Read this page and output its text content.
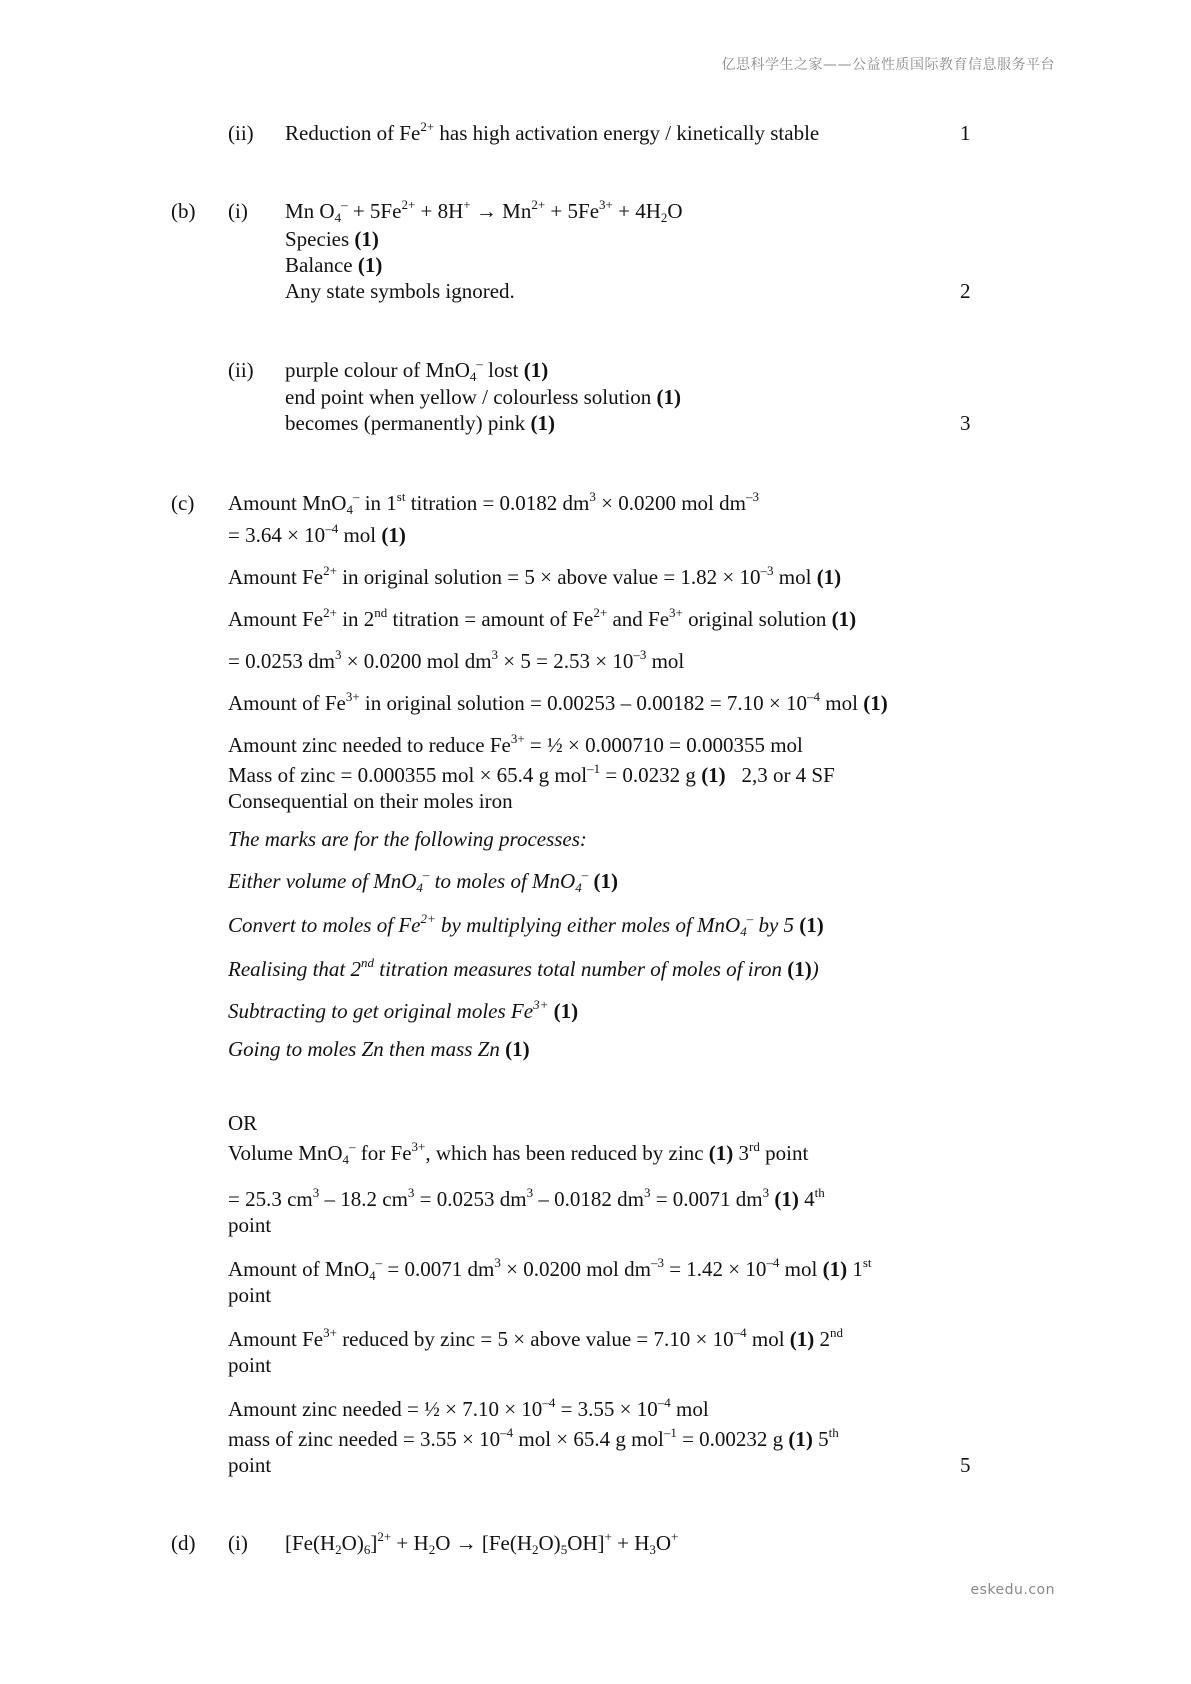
亿思科学生之家——公益性质国际教育信息服务平台
(ii) Reduction of $Fe^{2+}$ has high activation energy / kinetically stable	1
(b) (i) Mn $O_4^- + 5Fe^{2+} + 8H^+ \to Mn^{2+} + 5Fe^{3+} + 4H_2O$
Species (1)
Balance (1)
Any state symbols ignored.	2
(ii) purple colour of MnO$_4$– lost (1)
end point when yellow / colourless solution (1)
becomes (permanently) pink (1)	3
(c) Amount MnO$_4$– in 1st titration = 0.0182 $dm^3 \times 0.0200$ mol $dm^{-3}$
= $3.64 \times 10^{-4}$ mol (1)
Amount $Fe^{2+}$ in original solution = 5 × above value = $1.82 \times 10^{-3}$ mol (1)
Amount $Fe^{2+}$ in 2nd titration = amount of $Fe^{2+}$ and $Fe^{3+}$ original solution (1)
= 0.0253 $dm^3 \times 0.0200$ mol $dm^3 \times 5 = 2.53 \times 10^{-3}$ mol
Amount of $Fe^{3+}$ in original solution = $0.00253 - 0.00182 = 7.10 \times 10^{-4}$ mol (1)
Amount zinc needed to reduce $Fe^{3+}$ = ½ × 0.000710 = 0.000355 mol
Mass of zinc = 0.000355 mol × 65.4 g mol$^{-1}$ = 0.0232 g (1)   2,3 or 4 SF
Consequential on their moles iron
The marks are for the following processes:
Either volume of MnO$_4$– to moles of MnO$_4$– (1)
Convert to moles of $Fe^{2+}$ by multiplying either moles of MnO$_4$– by 5 (1)
Realising that 2nd titration measures total number of moles of iron (1))
Subtracting to get original moles $Fe^{3+}$ (1)
Going to moles Zn then mass Zn (1)
OR
Volume MnO$_4$– for $Fe^{3+}$, which has been reduced by zinc (1) 3rd point
= 25.3 $cm^3 - 18.2$ $cm^3 = 0.0253$ $dm^3 - 0.0182$ $dm^3 = 0.0071$ $dm^3$ (1) 4th
point
Amount of MnO$_4$– = 0.0071 $dm^3 \times 0.0200$ mol $dm^{-3} = 1.42 \times 10^{-4}$ mol (1) 1st
point
Amount $Fe^{3+}$ reduced by zinc = 5 × above value = $7.10 \times 10^{-4}$ mol (1) 2nd
point
Amount zinc needed = ½ × $7.10 \times 10^{-4} = 3.55 \times 10^{-4}$ mol
mass of zinc needed = $3.55 \times 10^{-4}$ mol × 65.4 g mol$^{-1}$ = 0.00232 g (1) 5th
point	5
(d) (i) $[Fe(H_2O)_6]^{2+} + H_2O \to [Fe(H_2O)_5OH]^+ + H_3O^+$
eskedu.con
